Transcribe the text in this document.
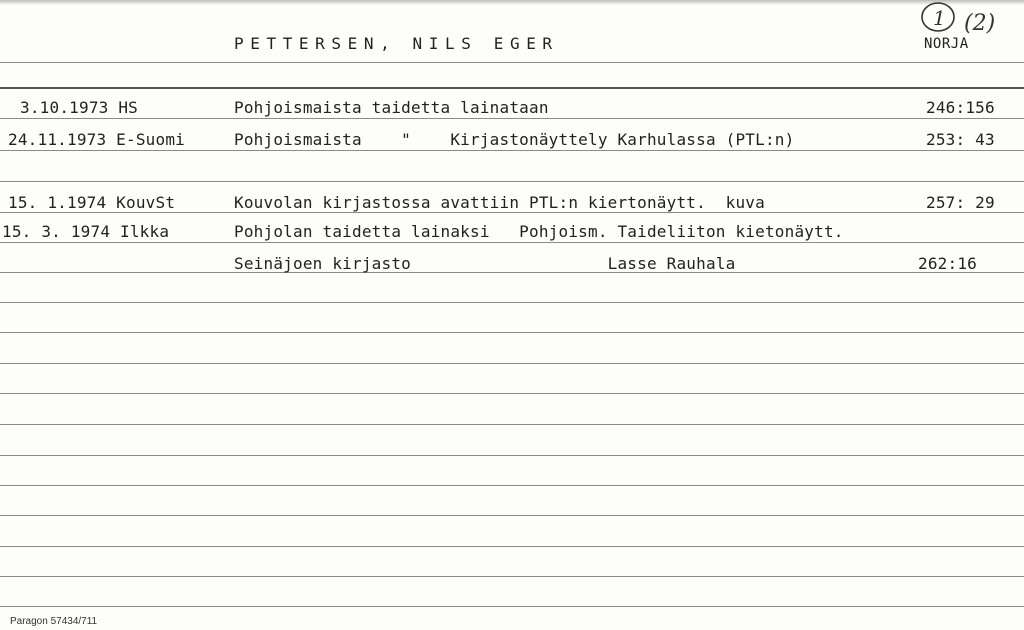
PETTERSEN, NILS EGER	NORJA
1 (2)
3.10.1973 HS	Pohjoismaista taidetta lainataan	246:156
24.11.1973 E-Suomi	Pohjoismaista    "    Kirjastonäyttely Karhulassa (PTL:n)	253: 43
15. 1.1974 KouvSt	Kouvolan kirjastossa avattiin PTL:n kiertonäytt.  kuva	257: 29
15. 3. 1974 Ilkka	Pohjolan taidetta lainaksi   Pohjoism. Taideliiton kietonäytt.
Seinäjoen kirjasto                    Lasse Rauhala	262:16
Paragon 57434/711
